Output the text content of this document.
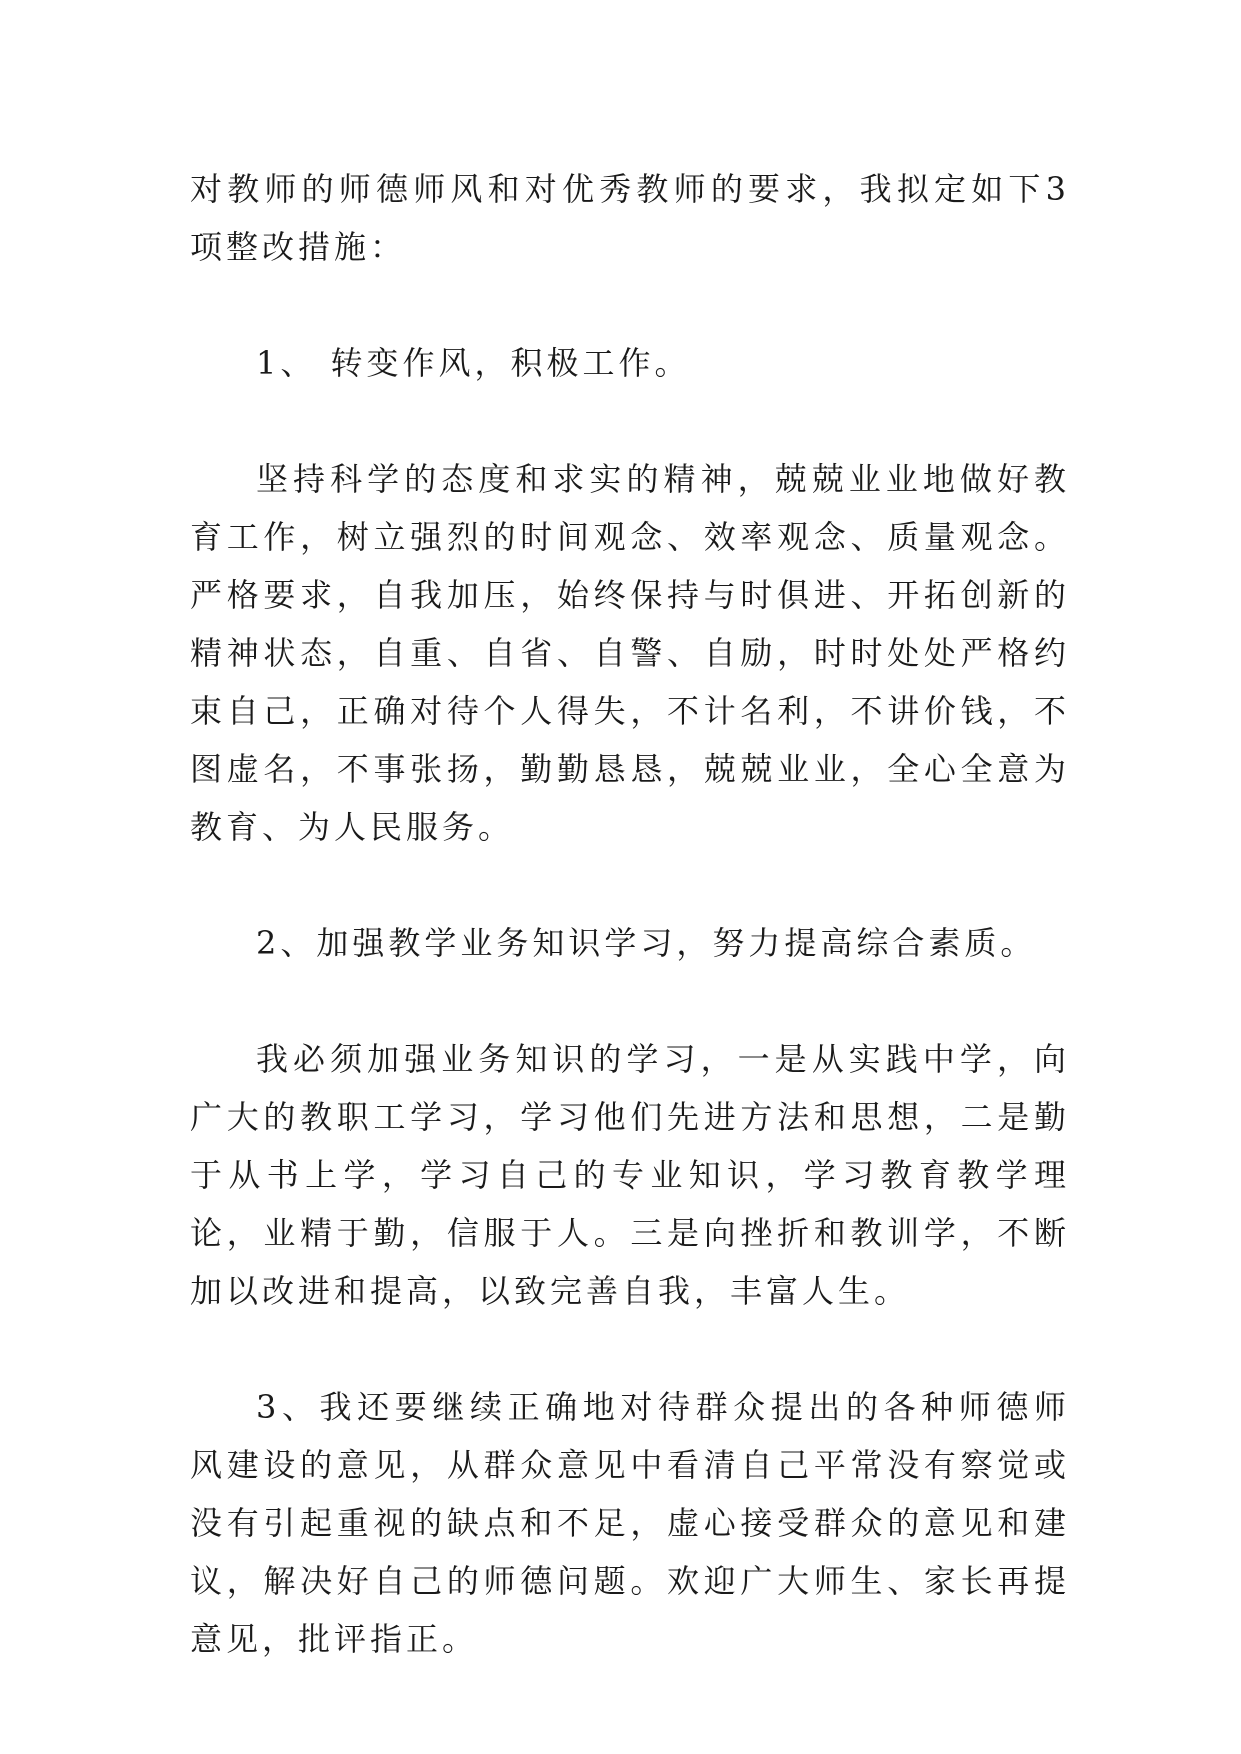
对教师的师德师风和对优秀教师的要求，我拟定如下3项整改措施：

1、 转变作风，积极工作。

坚持科学的态度和求实的精神，兢兢业业地做好教育工作，树立强烈的时间观念、效率观念、质量观念。严格要求，自我加压，始终保持与时俱进、开拓创新的精神状态，自重、自省、自警、自励，时时处处严格约束自己，正确对待个人得失，不计名利，不讲价钱，不图虚名，不事张扬，勤勤恳恳，兢兢业业，全心全意为教育、为人民服务。

2、加强教学业务知识学习，努力提高综合素质。

我必须加强业务知识的学习，一是从实践中学，向广大的教职工学习，学习他们先进方法和思想，二是勤于从书上学，学习自己的专业知识，学习教育教学理论，业精于勤，信服于人。三是向挫折和教训学，不断加以改进和提高，以致完善自我，丰富人生。

3、我还要继续正确地对待群众提出的各种师德师风建设的意见，从群众意见中看清自己平常没有察觉或没有引起重视的缺点和不足，虚心接受群众的意见和建议，解决好自己的师德问题。欢迎广大师生、家长再提意见，批评指正。
